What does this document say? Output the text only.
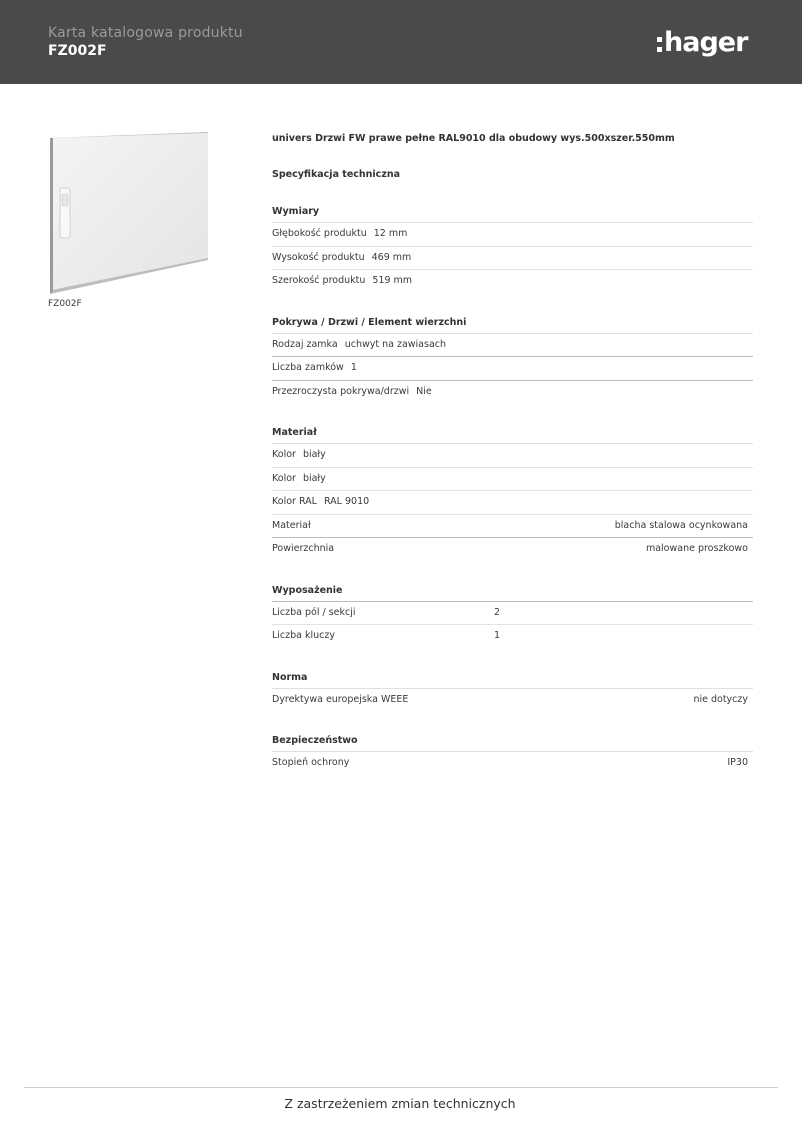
Karta katalogowa produktu
FZ002F	hager
FZ002F
univers Drzwi FW prawe pełne RAL9010 dla obudowy wys.500xszer.550mm
Specyfikacja techniczna
Wymiary
Głębokość produktu 12 mm
Wysokość produktu 469 mm
Szerokość produktu 519 mm
Pokrywa / Drzwi / Element wierzchni
Rodzaj zamka uchwyt na zawiasach
Liczba zamków 1
Przezroczysta pokrywa/drzwi Nie
Materiał
Kolor biały
Kolor biały
Kolor RAL RAL 9010
Materiał	blacha stalowa ocynkowana
Powierzchnia	malowane proszkowo
Wyposażenie
Liczba pól / sekcji	2
Liczba kluczy	1
Norma
Dyrektywa europejska WEEE	nie dotyczy
Bezpieczeństwo
Stopień ochrony	IP30
Z zastrzeżeniem zmian technicznych
